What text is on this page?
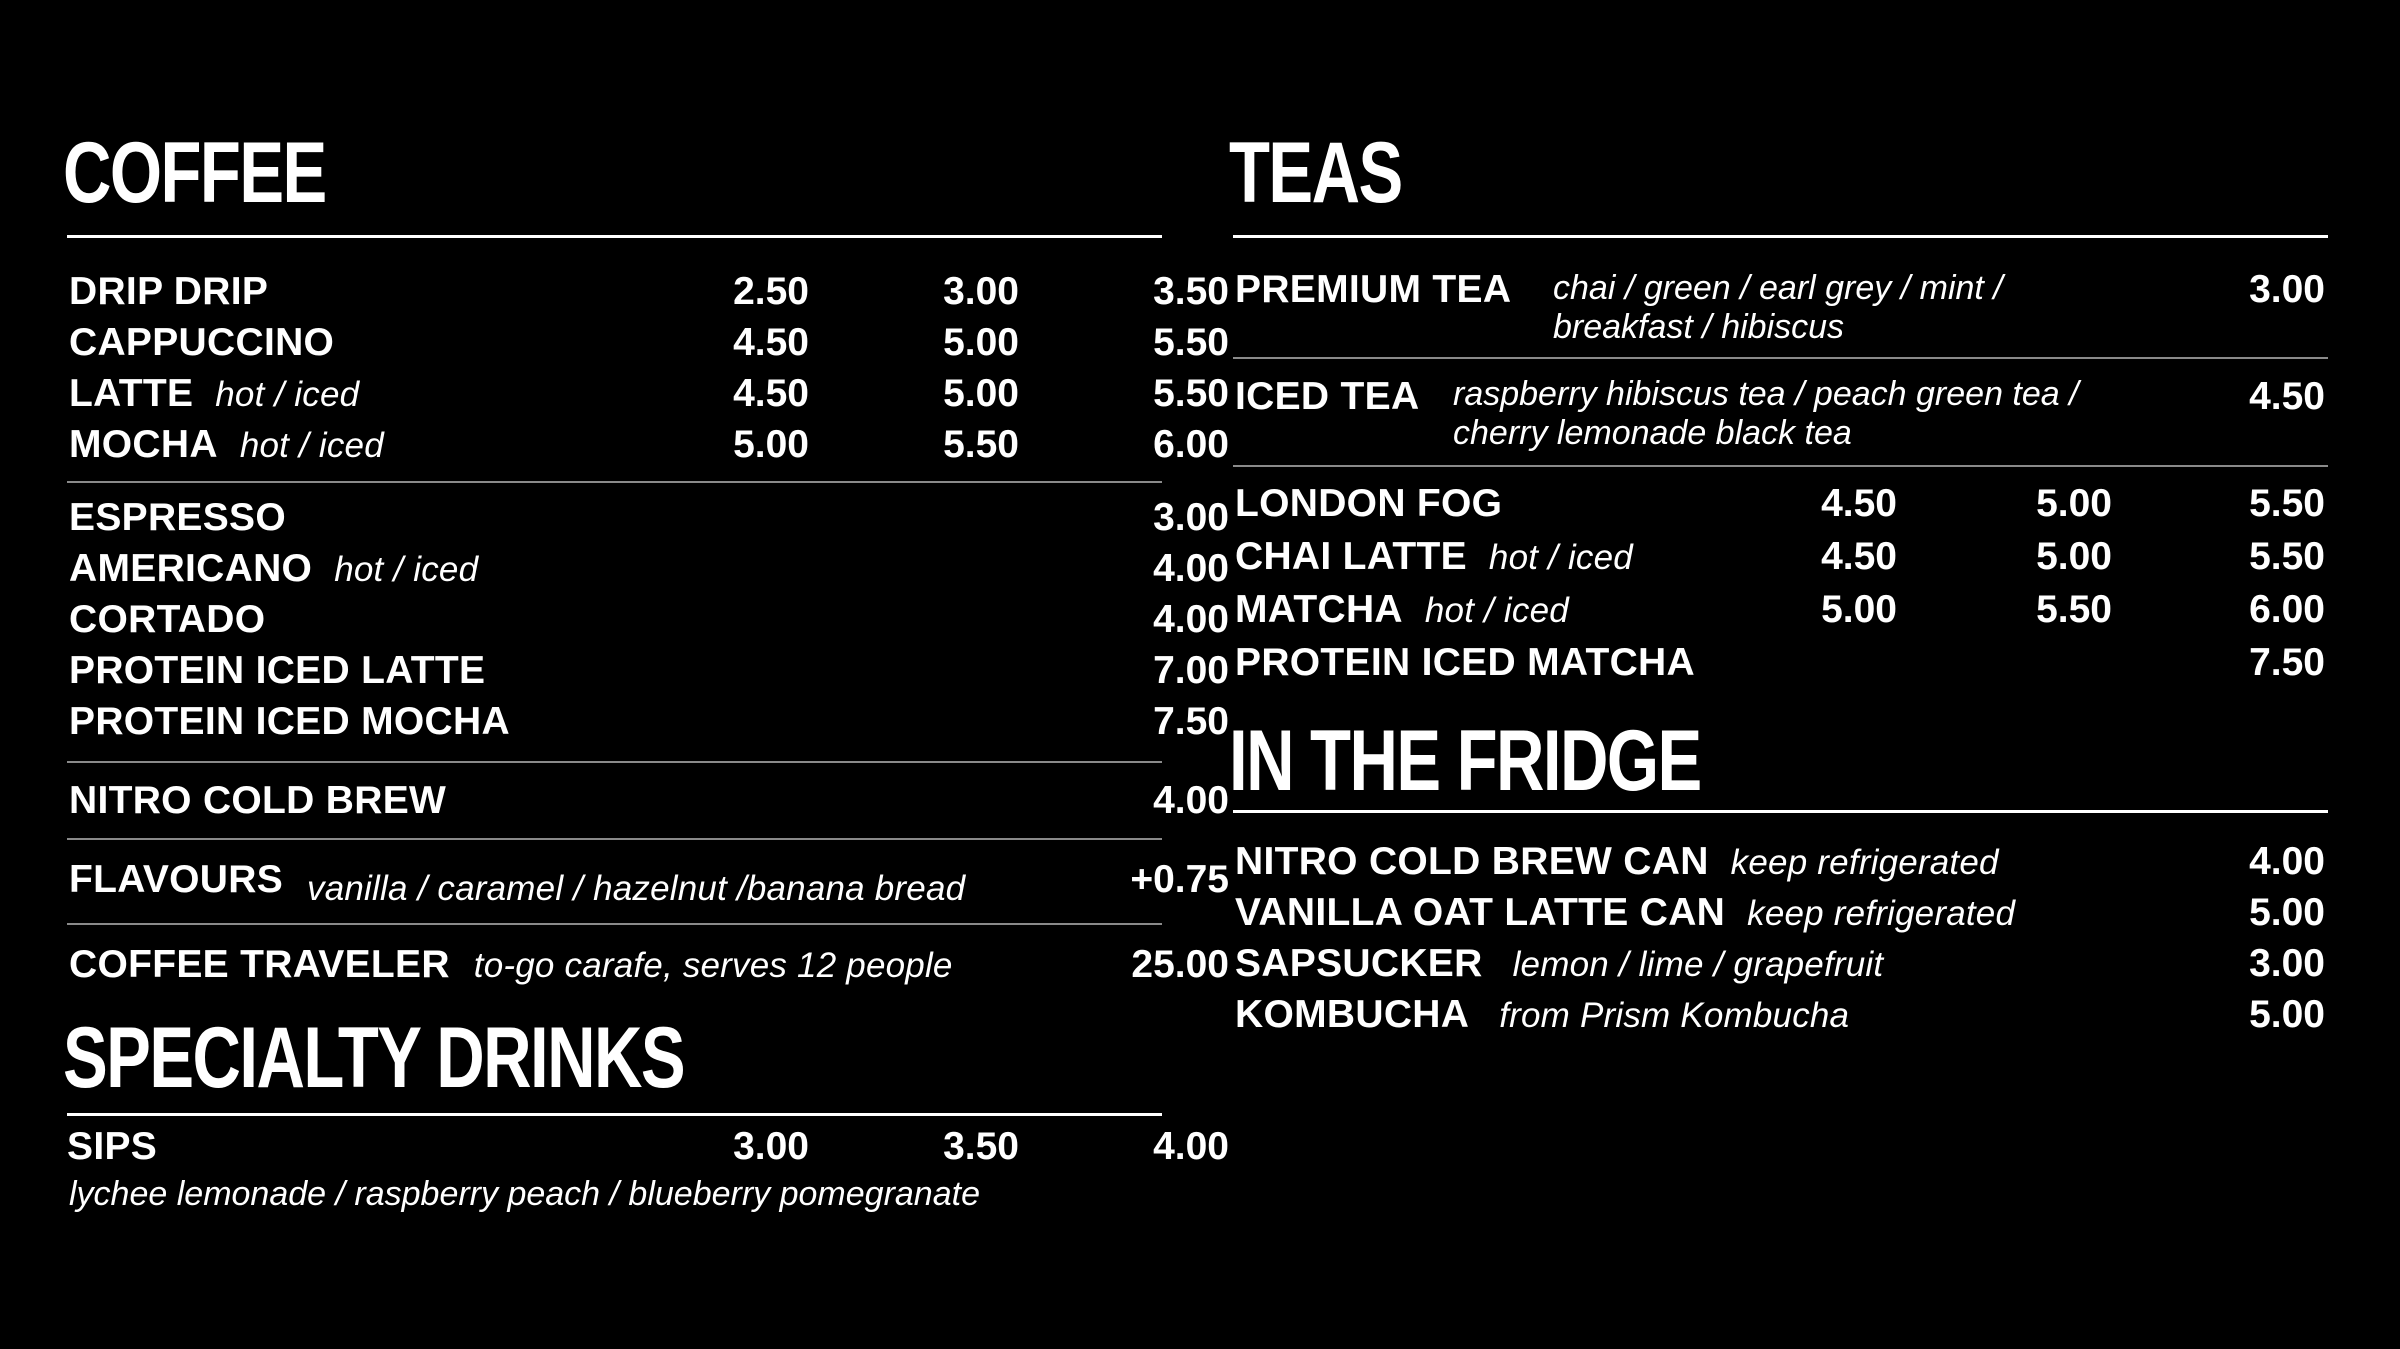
COFFEE
DRIP DRIP	2.50	3.00	3.50
CAPPUCCINO	4.50	5.00	5.50
LATTE hot / iced	4.50	5.00	5.50
MOCHA hot / iced	5.00	5.50	6.00
ESPRESSO	3.00
AMERICANO hot / iced	4.00
CORTADO	4.00
PROTEIN ICED LATTE	7.00
PROTEIN ICED MOCHA	7.50
NITRO COLD BREW	4.00
FLAVOURS vanilla / caramel / hazelnut /banana bread	+0.75
COFFEE TRAVELER to-go carafe, serves 12 people	25.00
SPECIALTY DRINKS
SIPS	3.00	3.50	4.00
lychee lemonade / raspberry peach / blueberry pomegranate
TEAS
PREMIUM TEA	3.00
chai / green / earl grey / mint /
breakfast / hibiscus
ICED TEA	4.50
raspberry hibiscus tea / peach green tea /
cherry lemonade black tea
LONDON FOG	4.50	5.00	5.50
CHAI LATTE hot / iced	4.50	5.00	5.50
MATCHA hot / iced	5.00	5.50	6.00
PROTEIN ICED MATCHA	7.50
IN THE FRIDGE
NITRO COLD BREW CAN keep refrigerated	4.00
VANILLA OAT LATTE CAN keep refrigerated	5.00
SAPSUCKER lemon / lime / grapefruit	3.00
KOMBUCHA from Prism Kombucha	5.00
